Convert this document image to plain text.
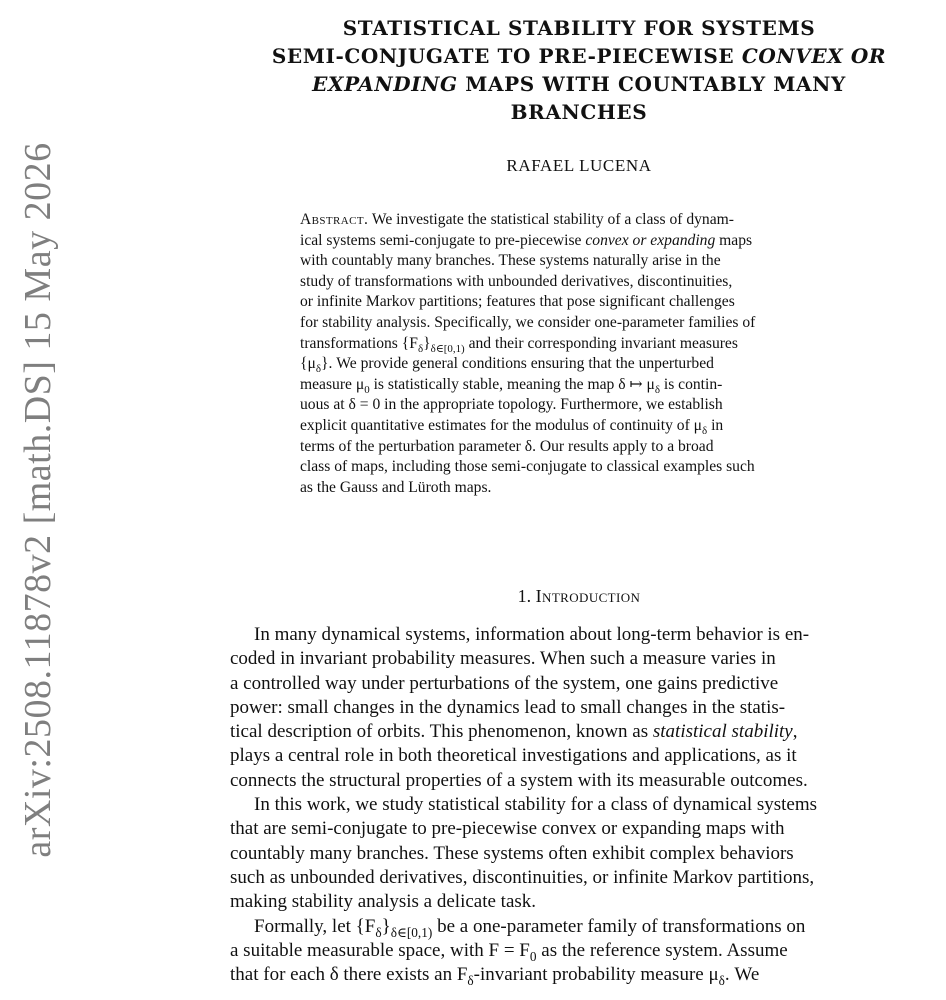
arXiv:2508.11878v2 [math.DS] 15 May 2026
STATISTICAL STABILITY FOR SYSTEMS
SEMI-CONJUGATE TO PRE-PIECEWISE CONVEX OR
EXPANDING MAPS WITH COUNTABLY MANY
BRANCHES
RAFAEL LUCENA
Abstract. We investigate the statistical stability of a class of dynam-
ical systems semi-conjugate to pre-piecewise convex or expanding maps
with countably many branches. These systems naturally arise in the
study of transformations with unbounded derivatives, discontinuities,
or infinite Markov partitions; features that pose significant challenges
for stability analysis. Specifically, we consider one-parameter families of
transformations $\{F_\delta\}_{\delta\in[0,1)}$ and their corresponding invariant measures
$\{\mu_\delta\}$. We provide general conditions ensuring that the unperturbed
measure $\mu_0$ is statistically stable, meaning the map δ ↦ $\mu_\delta$ is contin-
uous at δ = 0 in the appropriate topology. Furthermore, we establish
explicit quantitative estimates for the modulus of continuity of $\mu_\delta$ in
terms of the perturbation parameter δ. Our results apply to a broad
class of maps, including those semi-conjugate to classical examples such
as the Gauss and Lüroth maps.
1. Introduction
In many dynamical systems, information about long-term behavior is en-
coded in invariant probability measures. When such a measure varies in
a controlled way under perturbations of the system, one gains predictive
power: small changes in the dynamics lead to small changes in the statis-
tical description of orbits. This phenomenon, known as statistical stability,
plays a central role in both theoretical investigations and applications, as it
connects the structural properties of a system with its measurable outcomes.
In this work, we study statistical stability for a class of dynamical systems
that are semi-conjugate to pre-piecewise convex or expanding maps with
countably many branches. These systems often exhibit complex behaviors
such as unbounded derivatives, discontinuities, or infinite Markov partitions,
making stability analysis a delicate task.
Formally, let $\{F_\delta\}_{\delta\in[0,1)}$ be a one-parameter family of transformations on
a suitable measurable space, with $F = F_0$ as the reference system. Assume
that for each δ there exists an $F_\delta$-invariant probability measure $\mu_\delta$. We
